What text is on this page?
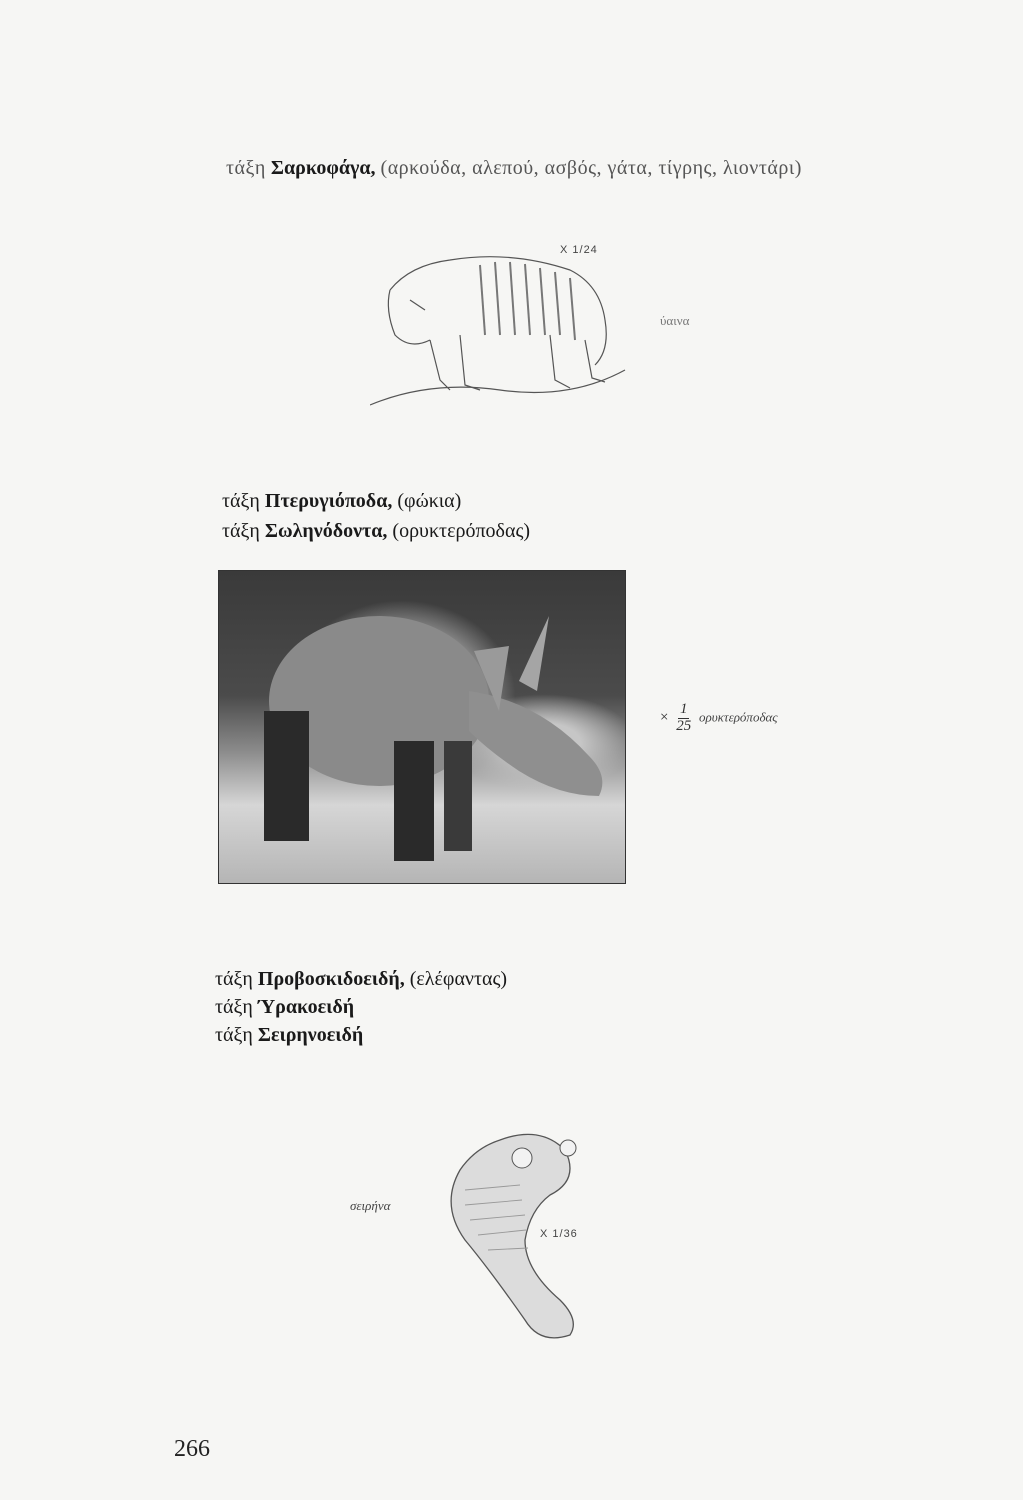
τάξη Σαρκοφάγα, (αρκούδα, αλεπού, ασβός, γάτα, τίγρης, λιοντάρι)
X 1/24
ύαινα
τάξη Πτερυγιόποδα, (φώκια)
τάξη Σωληνόδοντα, (ορυκτερόποδας)
× $\frac{1}{25}$ ορυκτερόποδας
τάξη Προβοσκιδοειδή, (ελέφαντας)
τάξη Ύρακοειδή
τάξη Σειρηνοειδή
σειρήνα
X 1/36
266
